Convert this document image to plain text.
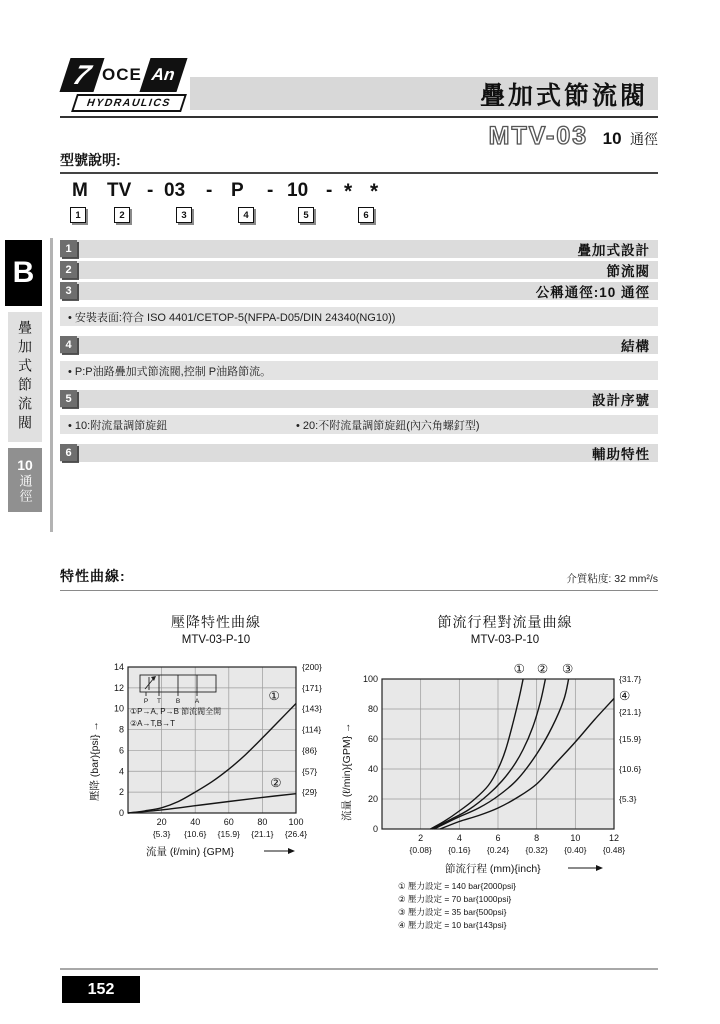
7 OCE An
HYDRAULICS	疊加式節流閥
MTV-03 10 通徑
型號說明:
M TV - 03 - P - 10 - * *
1	2	3	4	5	6
1	疊加式設計
2	節流閥
3	公稱通徑:10 通徑
• 安裝表面:符合 ISO 4401/CETOP-5(NFPA-D05/DIN 24340(NG10))
4	結構
• P:P油路疊加式節流閥,控制 P油路節流。
5	設計序號
• 10:附流量調節旋鈕	• 20:不附流量調節旋鈕(內六角螺釘型)
6	輔助特性
B
疊加式節流閥
10
通徑
特性曲線:	介質粘度: 32 mm²/s
壓降特性曲線
MTV-03-P-10
0
2
4
6
8
10
12
14
20
{5.3}
40
{10.6}
60
{15.9}
80
{21.1}
100
{26.4}
{200}
{171}
{143}
{114}
{86}
{57}
{29}
①
②
P T B A
①P→A, P→B 節流閥全開
②A→T,B→T
流量 (ℓ/min) {GPM}
壓降 (bar){psi} →
節流行程對流量曲線
MTV-03-P-10
0
20
40
60
80
100
2
{0.08}
4
{0.16}
6
{0.24}
8
{0.32}
10
{0.40}
12
{0.48}
① ② ③
{31.7}
④
{21.1}
{15.9}
{10.6}
{5.3}
節流行程 (mm){inch}
① 壓力設定 = 140 bar{2000psi}
② 壓力設定 = 70 bar{1000psi}
③ 壓力設定 = 35 bar{500psi}
④ 壓力設定 = 10 bar{143psi}
流量 (ℓ/min){GPM} →
152
